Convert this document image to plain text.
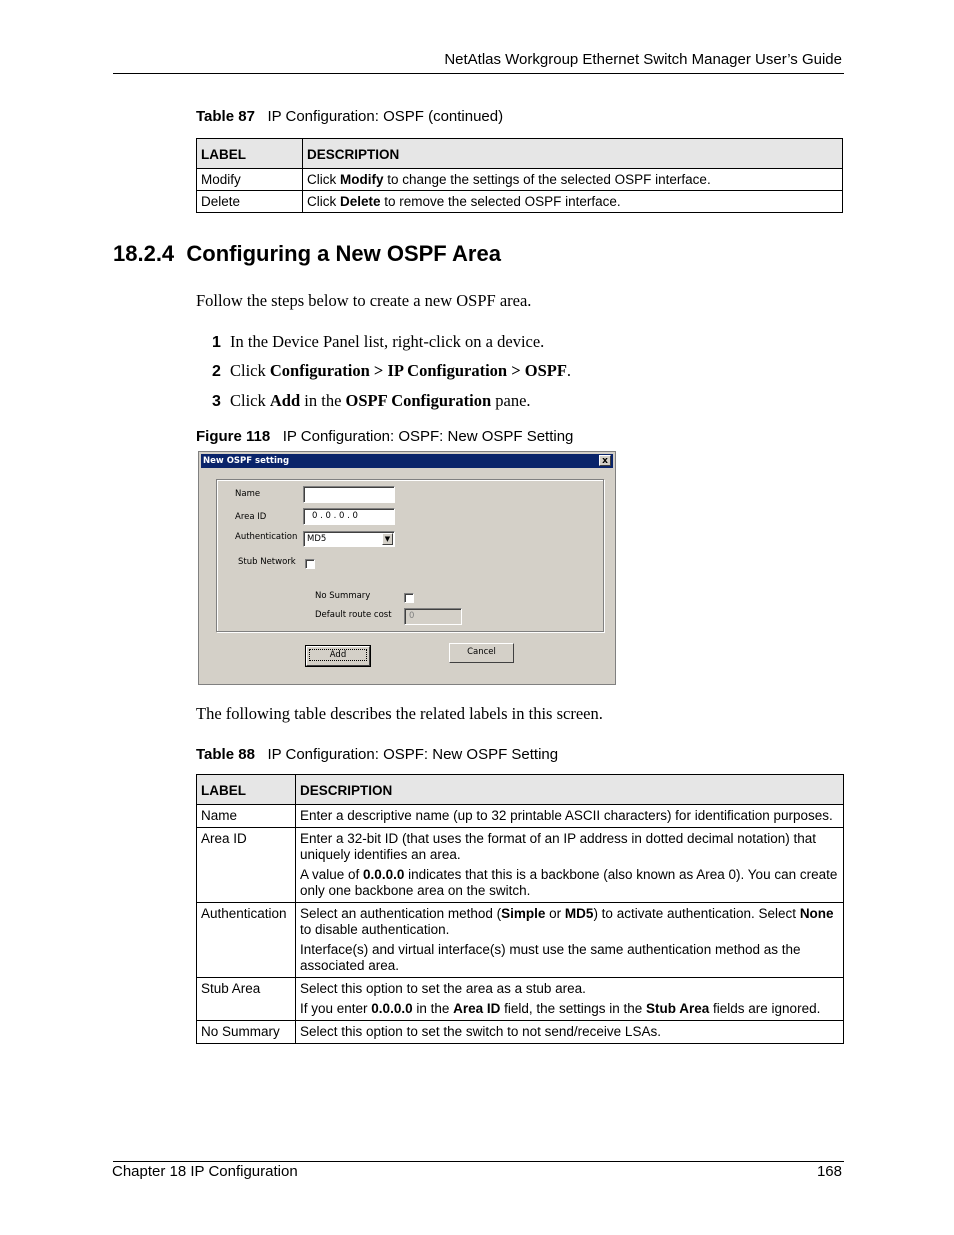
NetAtlas Workgroup Ethernet Switch Manager User’s Guide
Table 87 IP Configuration: OSPF (continued)
LABEL	DESCRIPTION
Modify	Click Modify to change the settings of the selected OSPF interface.
Delete	Click Delete to remove the selected OSPF interface.
18.2.4  Configuring a New OSPF Area
Follow the steps below to create a new OSPF area.
1 In the Device Panel list, right-click on a device.
2 Click Configuration > IP Configuration > OSPF.
3 Click Add in the OSPF Configuration pane.
Figure 118 IP Configuration: OSPF: New OSPF Setting
New OSPF setting	x
Name
Area ID	0 . 0 . 0 . 0
Authentication	MD5	▼
Stub Network
No Summary
Default route cost	0
Add	Cancel
The following table describes the related labels in this screen.
Table 88 IP Configuration: OSPF: New OSPF Setting
LABEL	DESCRIPTION
Name	Enter a descriptive name (up to 32 printable ASCII characters) for identification purposes.

Area ID	Enter a 32-bit ID (that uses the format of an IP address in dotted decimal notation) that uniquely identifies an area.

A value of 0.0.0.0 indicates that this is a backbone (also known as Area 0). You can create only one backbone area on the switch.

Authentication	Select an authentication method (Simple or MD5) to activate authentication. Select None to disable authentication.

Interface(s) and virtual interface(s) must use the same authentication method as the associated area.

Stub Area	Select this option to set the area as a stub area.

If you enter 0.0.0.0 in the Area ID field, the settings in the Stub Area fields are ignored.

No Summary	Select this option to set the switch to not send/receive LSAs.

Chapter 18 IP Configuration	168
